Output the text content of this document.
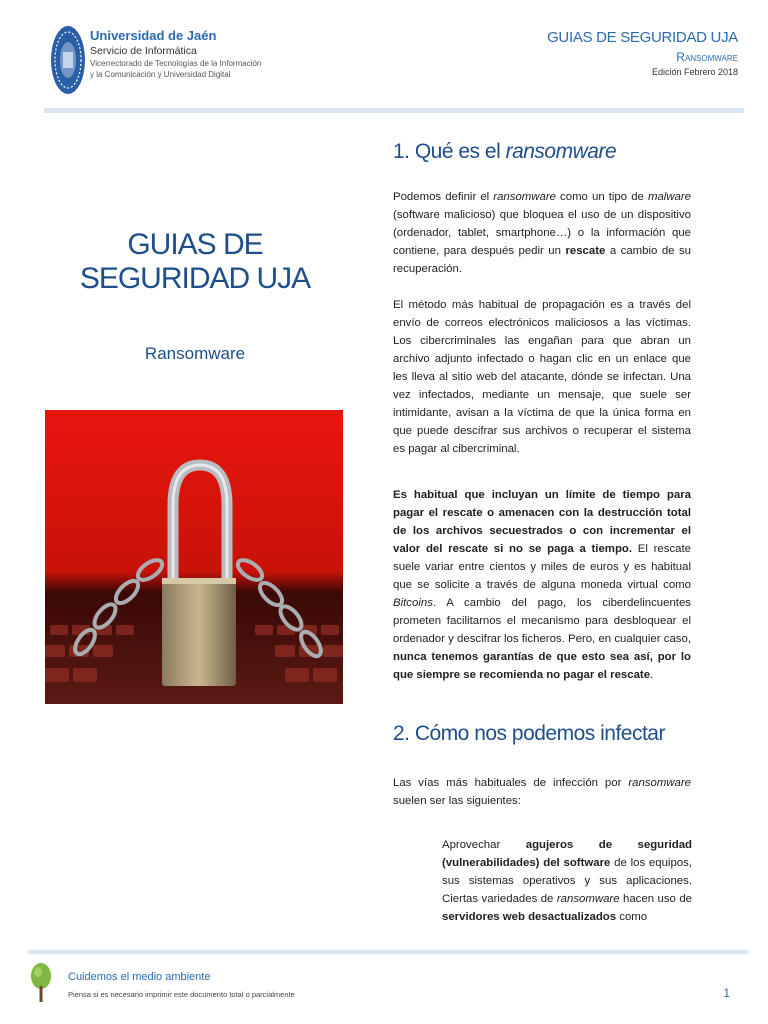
Universidad de Jaén
Servicio de Informática
Vicerrectorado de Tecnologías de la Información
y la Comunicación y Universidad Digital
GUIAS DE SEGURIDAD UJA
Ransomware
Edición Febrero 2018
GUIAS DE SEGURIDAD UJA
Ransomware
1. Qué es el ransomware
Podemos definir el ransomware como un tipo de malware (software malicioso) que bloquea el uso de un dispositivo (ordenador, tablet, smartphone…) o la información que contiene, para después pedir un rescate a cambio de su recuperación.
El método más habitual de propagación es a través del envío de correos electrónicos maliciosos a las víctimas. Los cibercriminales las engañan para que abran un archivo adjunto infectado o hagan clic en un enlace que les lleva al sitio web del atacante, dónde se infectan. Una vez infectados, mediante un mensaje, que suele ser intimidante, avisan a la víctima de que la única forma en que puede descifrar sus archivos o recuperar el sistema es pagar al cibercriminal.
Es habitual que incluyan un límite de tiempo para pagar el rescate o amenacen con la destrucción total de los archivos secuestrados o con incrementar el valor del rescate si no se paga a tiempo. El rescate suele variar entre cientos y miles de euros y es habitual que se solicite a través de alguna moneda virtual como Bitcoins. A cambio del pago, los ciberdelincuentes prometen facilitarnos el mecanismo para desbloquear el ordenador y descifrar los ficheros. Pero, en cualquier caso, nunca tenemos garantías de que esto sea así, por lo que siempre se recomienda no pagar el rescate.
2. Cómo nos podemos infectar
Las vías más habituales de infección por ransomware suelen ser las siguientes:
Aprovechar agujeros de seguridad (vulnerabilidades) del software de los equipos, sus sistemas operativos y sus aplicaciones. Ciertas variedades de ransomware hacen uso de servidores web desactualizados como
Cuidemos el medio ambiente
Piensa si es necesario imprimir este documento total o parcialmente	1
